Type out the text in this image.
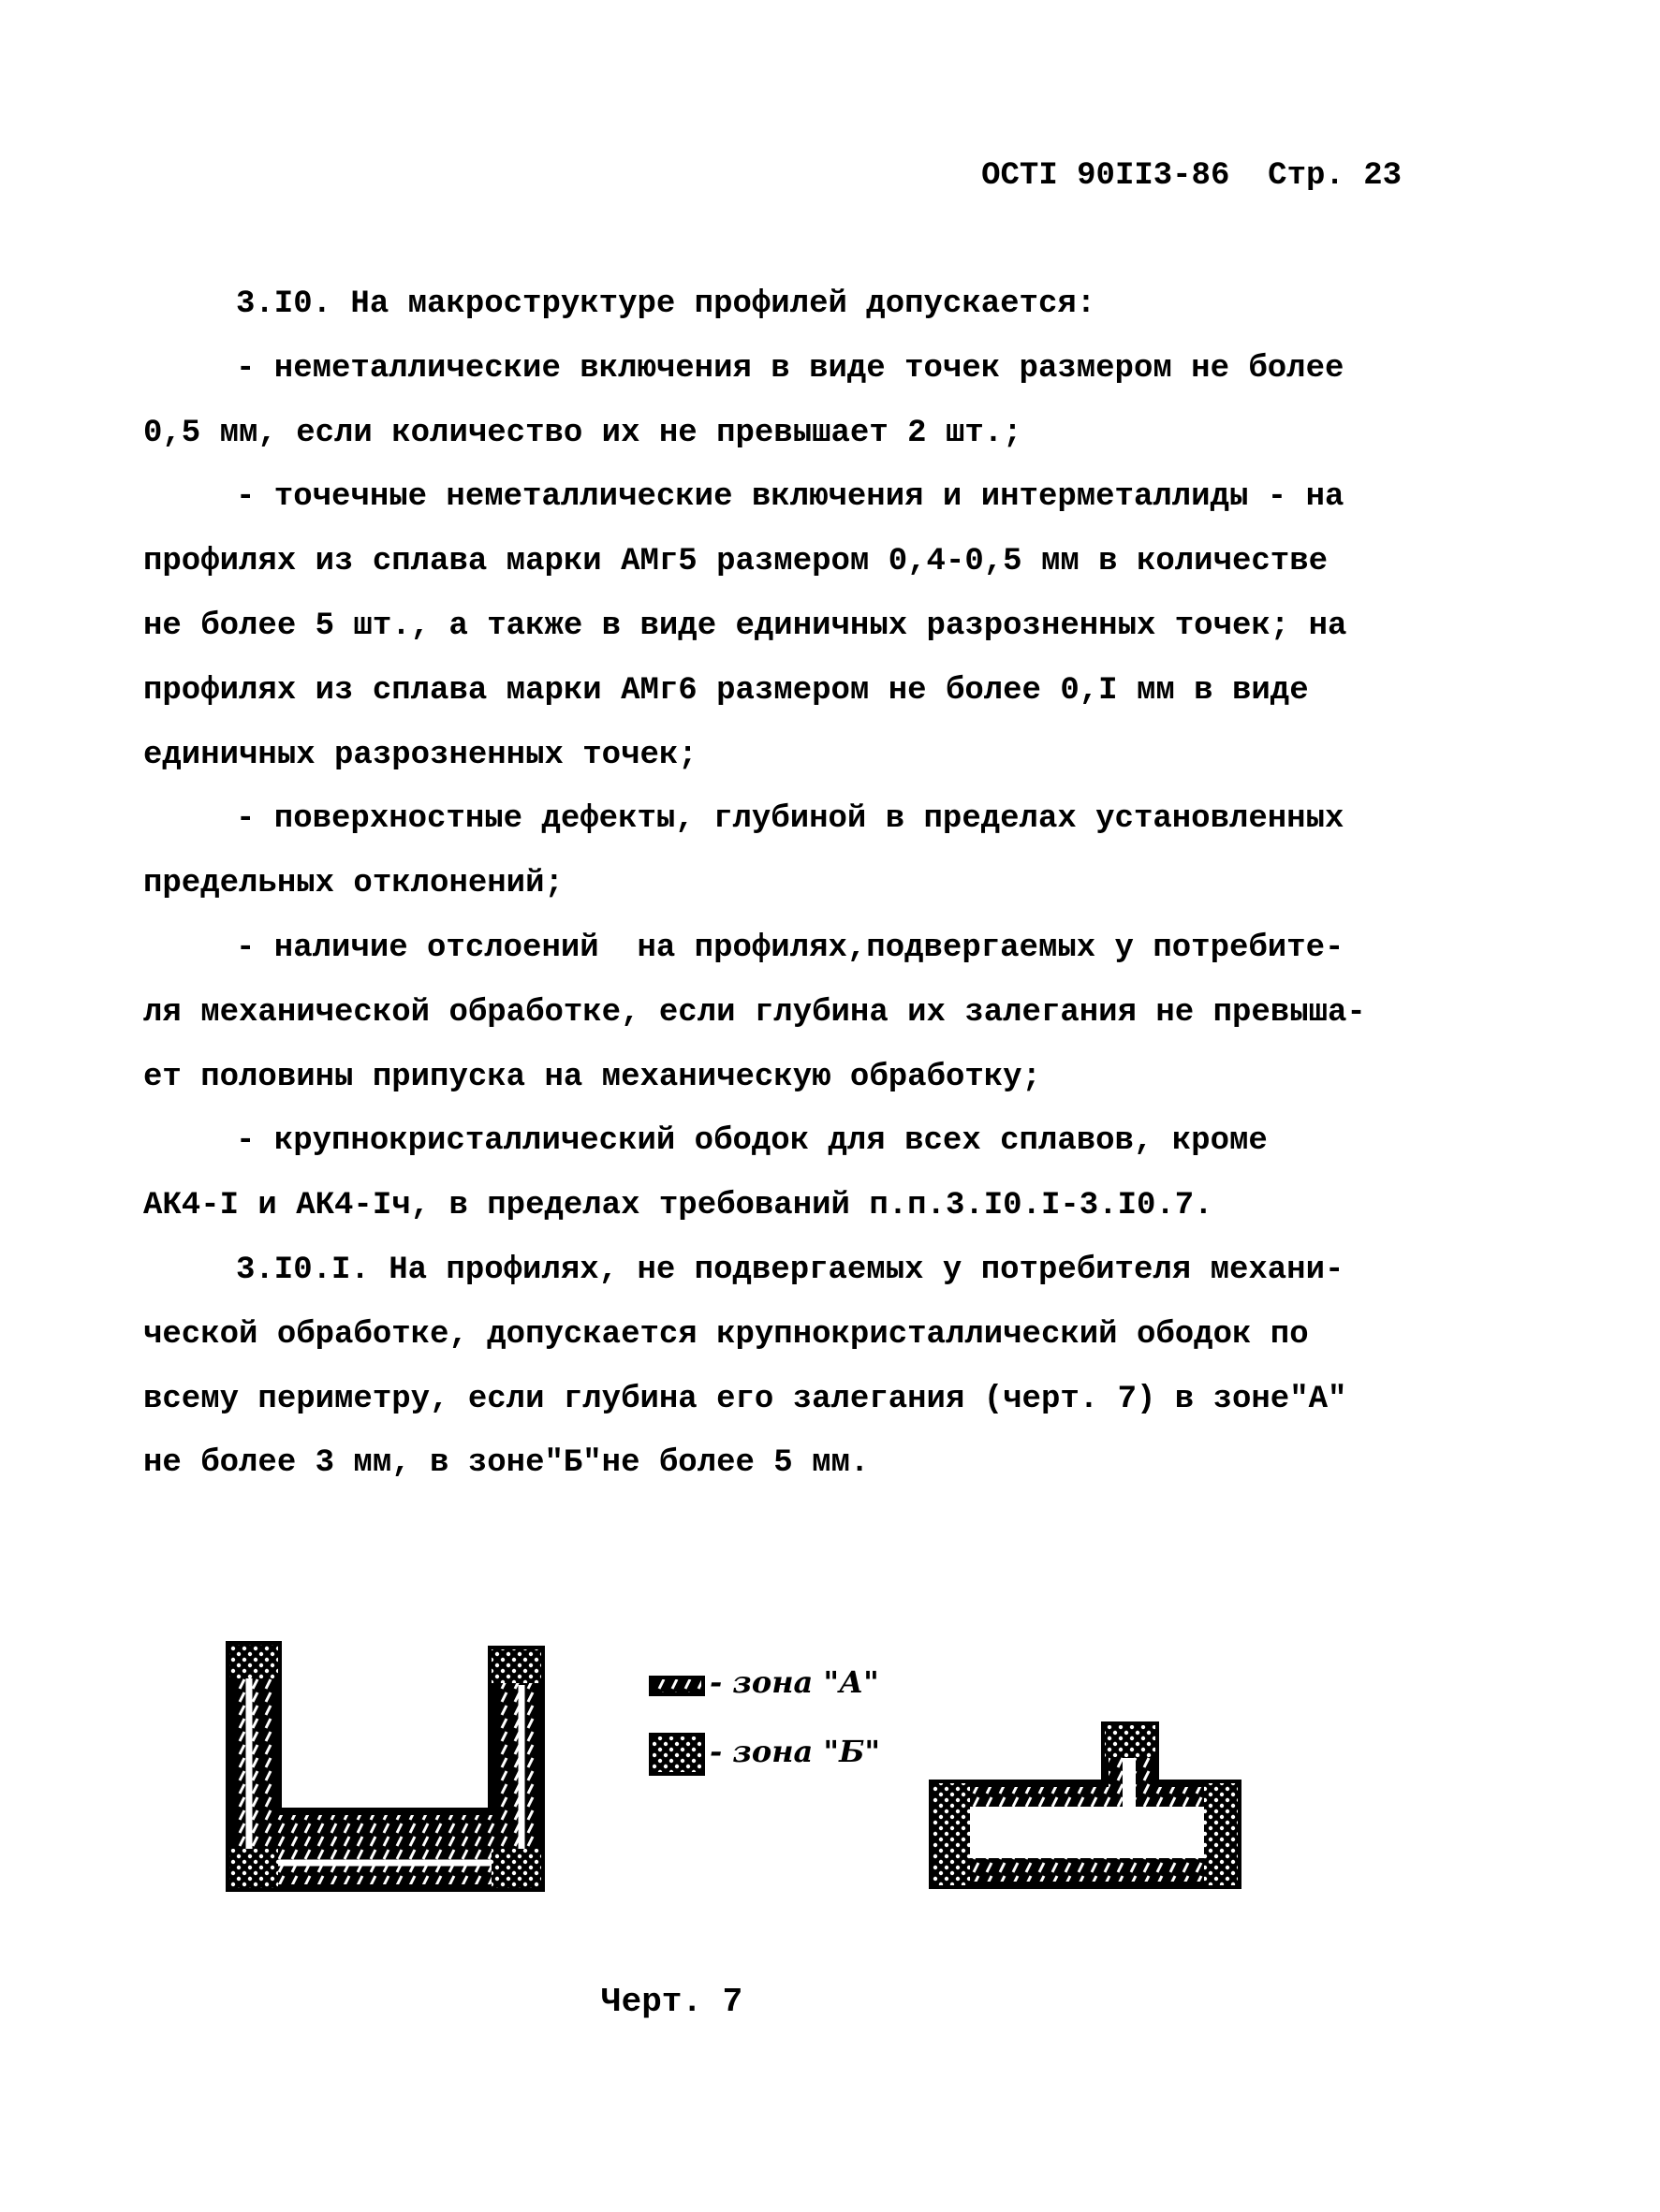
ОСТI 90II3-86  Стр. 23
3.I0. На макроструктуре профилей допускается:
- неметаллические включения в виде точек размером не более
0,5 мм, если количество их не превышает 2 шт.;
- точечные неметаллические включения и интерметаллиды - на
профилях из сплава марки АМг5 размером 0,4-0,5 мм в количестве
не более 5 шт., а также в виде единичных разрозненных точек; на
профилях из сплава марки АМг6 размером не более 0,I мм в виде
единичных разрозненных точек;
- поверхностные дефекты, глубиной в пределах установленных
предельных отклонений;
- наличие отслоений  на профилях,подвергаемых у потребите-
ля механической обработке, если глубина их залегания не превыша-
ет половины припуска на механическую обработку;
- крупнокристаллический ободок для всех сплавов, кроме
АК4-I и АК4-Iч, в пределах требований п.п.3.I0.I-3.I0.7.
3.I0.I. На профилях, не подвергаемых у потребителя механи-
ческой обработке, допускается крупнокристаллический ободок по
всему периметру, если глубина его залегания (черт. 7) в зоне"А"
не более 3 мм, в зоне"Б"не более 5 мм.
- зона "А"
- зона "Б"
Черт. 7
